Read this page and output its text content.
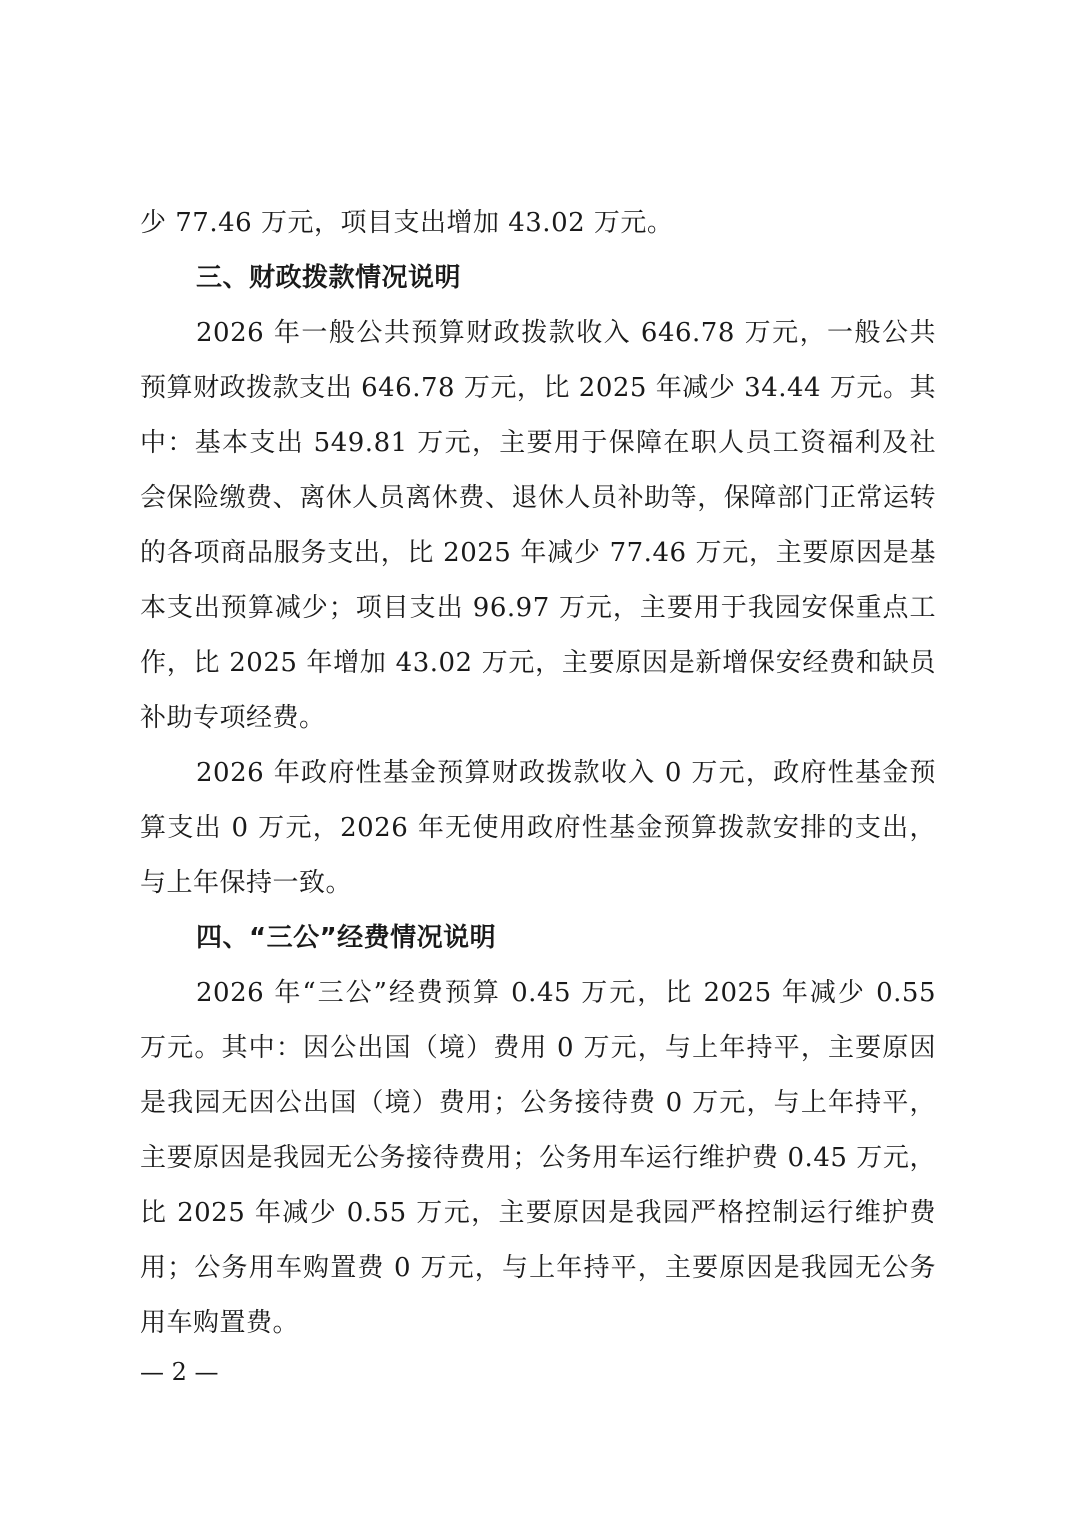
少 77.46 万元，项目支出增加 43.02 万元。

三、财政拨款情况说明

2026 年一般公共预算财政拨款收入 646.78 万元，一般公共预算财政拨款支出 646.78 万元，比 2025 年减少 34.44 万元。其中：基本支出 549.81 万元，主要用于保障在职人员工资福利及社会保险缴费、离休人员离休费、退休人员补助等，保障部门正常运转的各项商品服务支出，比 2025 年减少 77.46 万元，主要原因是基本支出预算减少；项目支出 96.97 万元，主要用于我园安保重点工作，比 2025 年增加 43.02 万元，主要原因是新增保安经费和缺员补助专项经费。

2026 年政府性基金预算财政拨款收入 0 万元，政府性基金预算支出 0 万元，2026 年无使用政府性基金预算拨款安排的支出，与上年保持一致。

四、“三公”经费情况说明

2026 年“三公”经费预算 0.45 万元，比 2025 年减少 0.55 万元。其中：因公出国（境）费用 0 万元，与上年持平，主要原因是我园无因公出国（境）费用；公务接待费 0 万元，与上年持平，主要原因是我园无公务接待费用；公务用车运行维护费 0.45 万元，比 2025 年减少 0.55 万元，主要原因是我园严格控制运行维护费用；公务用车购置费 0 万元，与上年持平，主要原因是我园无公务用车购置费。

— 2 —
